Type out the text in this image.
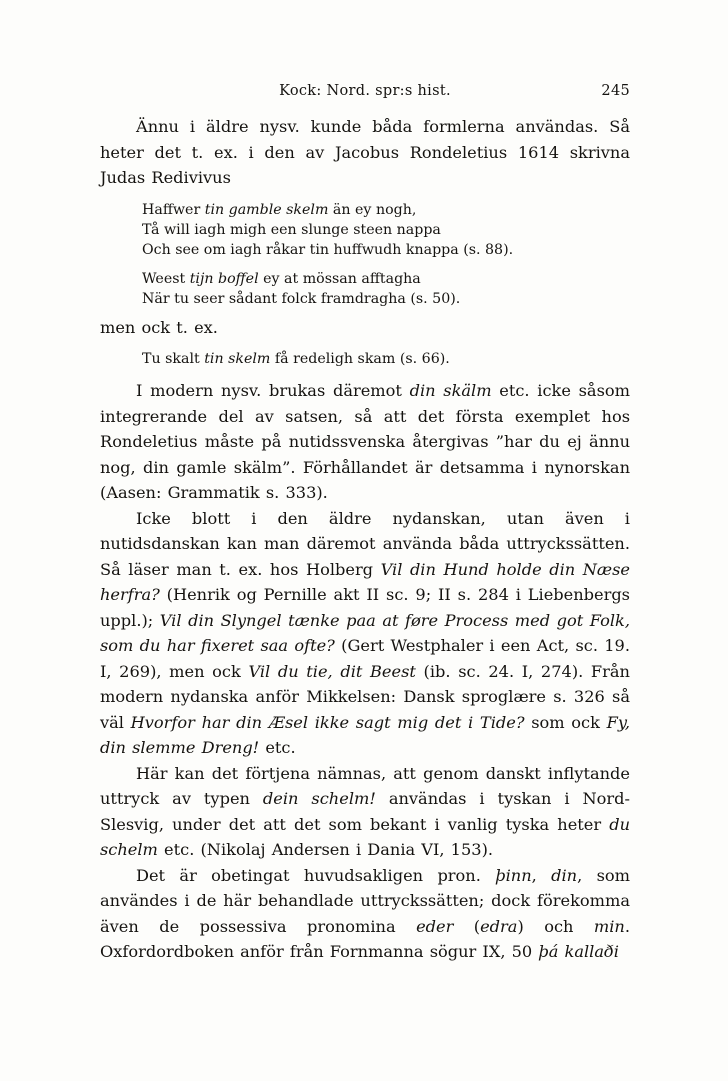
Kock: Nord. spr:s hist.	245

Ännu i äldre nysv. kunde båda formlerna användas. Så heter det t. ex. i den av Jacobus Rondeletius 1614 skrivna Judas Redivivus

Haffwer tin gamble skelm än ey nogh,
Tå will iagh migh een slunge steen nappa
Och see om iagh råkar tin huffwudh knappa (s. 88).
Weest tijn boffel ey at mössan afftagha
När tu seer sådant folck framdragha (s. 50).

men ock t. ex.

Tu skalt tin skelm få redeligh skam (s. 66).

I modern nysv. brukas däremot din skälm etc. icke såsom integrerande del av satsen, så att det första exemplet hos Rondeletius måste på nutidssvenska återgivas ”har du ej ännu nog, din gamle skälm”. Förhållandet är detsamma i nynorskan (Aasen: Grammatik s. 333).

Icke blott i den äldre nydanskan, utan även i nutidsdanskan kan man däremot använda båda uttryckssätten. Så läser man t. ex. hos Holberg Vil din Hund holde din Næse herfra? (Henrik og Pernille akt II sc. 9; II s. 284 i Liebenbergs uppl.); Vil din Slyngel tænke paa at føre Process med got Folk, som du har fixeret saa ofte? (Gert Westphaler i een Act, sc. 19. I, 269), men ock Vil du tie, dit Beest (ib. sc. 24. I, 274). Från modern nydanska anför Mikkelsen: Dansk sproglære s. 326 så väl Hvorfor har din Æsel ikke sagt mig det i Tide? som ock Fy, din slemme Dreng! etc.

Här kan det förtjena nämnas, att genom danskt inflytande uttryck av typen dein schelm! användas i tyskan i Nord-Slesvig, under det att det som bekant i vanlig tyska heter du schelm etc. (Nikolaj Andersen i Dania VI, 153).

Det är obetingat huvudsakligen pron. þinn, din, som användes i de här behandlade uttryckssätten; dock förekomma även de possessiva pronomina eder (edra) och min. Oxfordordboken anför från Fornmanna sögur IX, 50 þá kallaði
